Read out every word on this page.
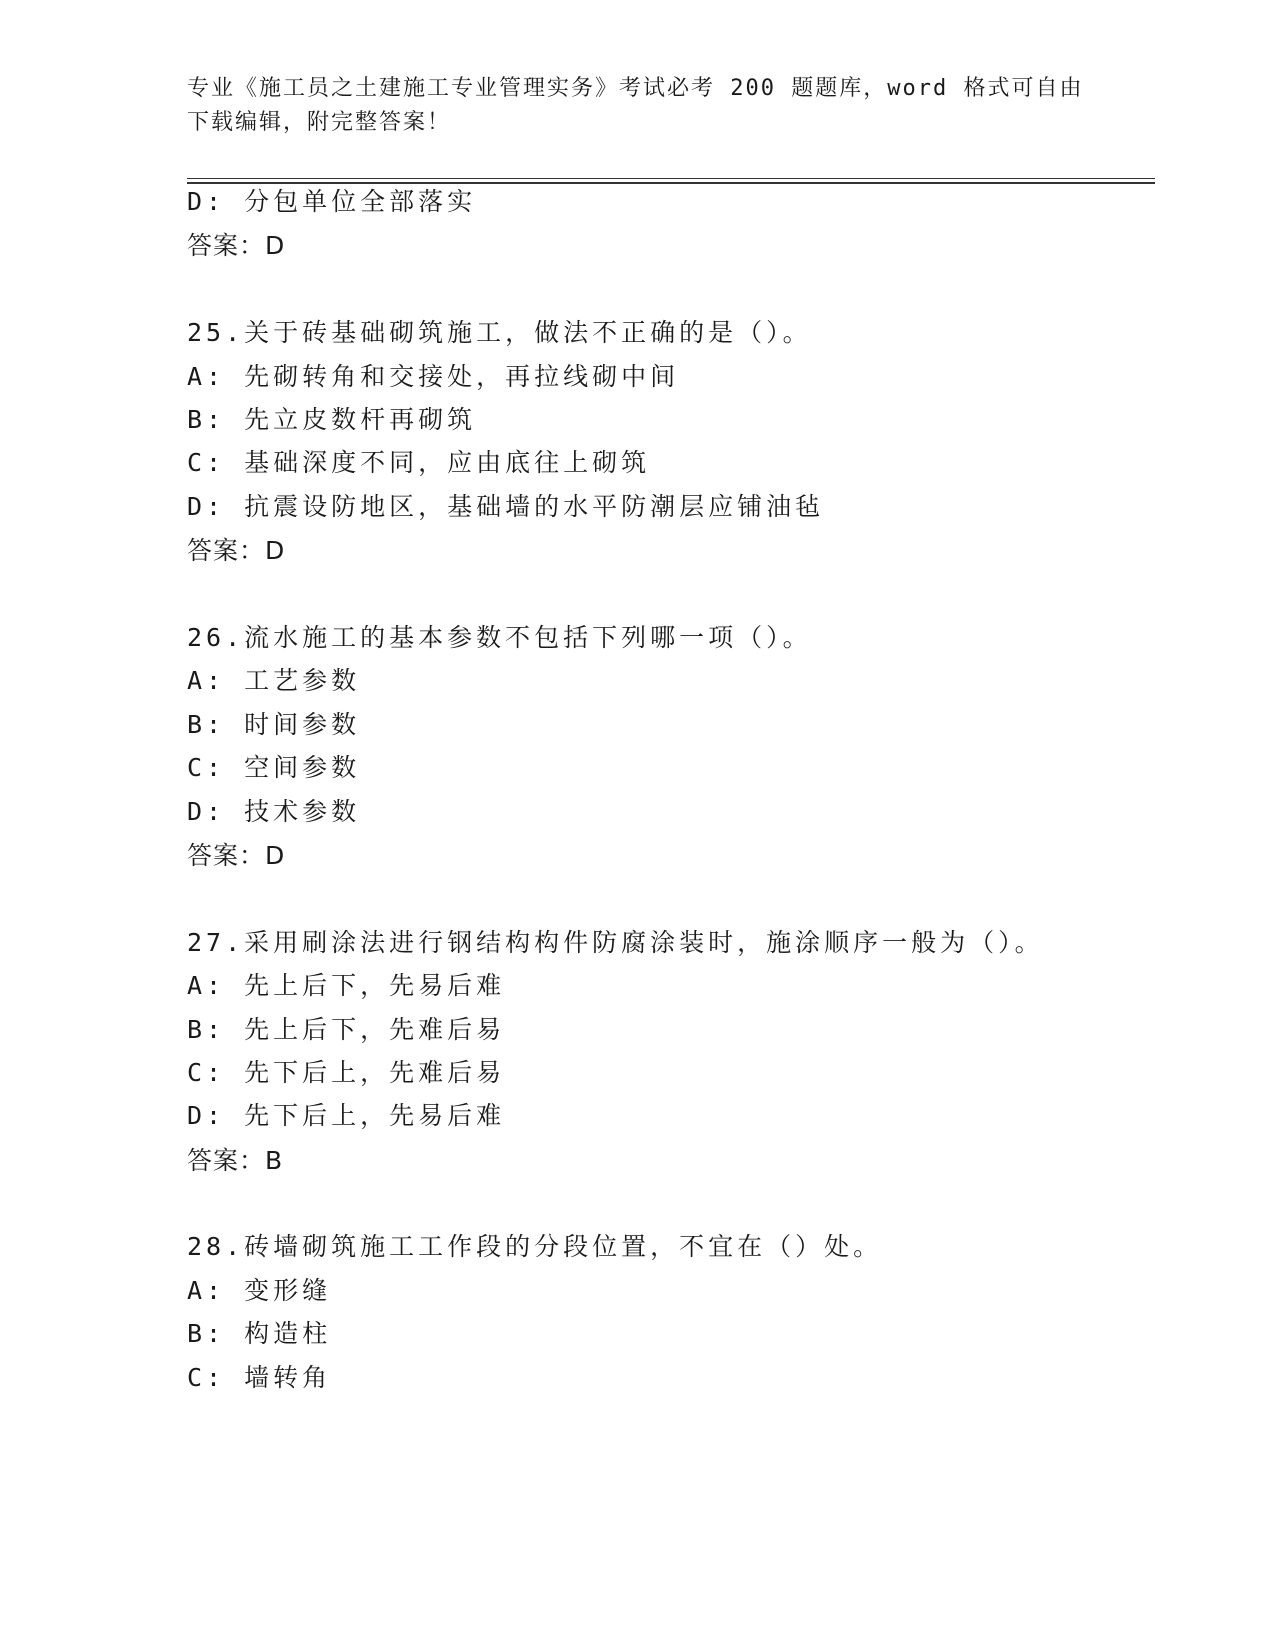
专业《施工员之土建施工专业管理实务》考试必考 200 题题库，word 格式可自由
下载编辑，附完整答案！
D: 分包单位全部落实
答案：D
25.关于砖基础砌筑施工，做法不正确的是（）。
A: 先砌转角和交接处，再拉线砌中间
B: 先立皮数杆再砌筑
C: 基础深度不同，应由底往上砌筑
D: 抗震设防地区，基础墙的水平防潮层应铺油毡
答案：D
26.流水施工的基本参数不包括下列哪一项（）。
A: 工艺参数
B: 时间参数
C: 空间参数
D: 技术参数
答案：D
27.采用刷涂法进行钢结构构件防腐涂装时，施涂顺序一般为（）。
A: 先上后下，先易后难
B: 先上后下，先难后易
C: 先下后上，先难后易
D: 先下后上，先易后难
答案：B
28.砖墙砌筑施工工作段的分段位置，不宜在（）处。
A: 变形缝
B: 构造柱
C: 墙转角
